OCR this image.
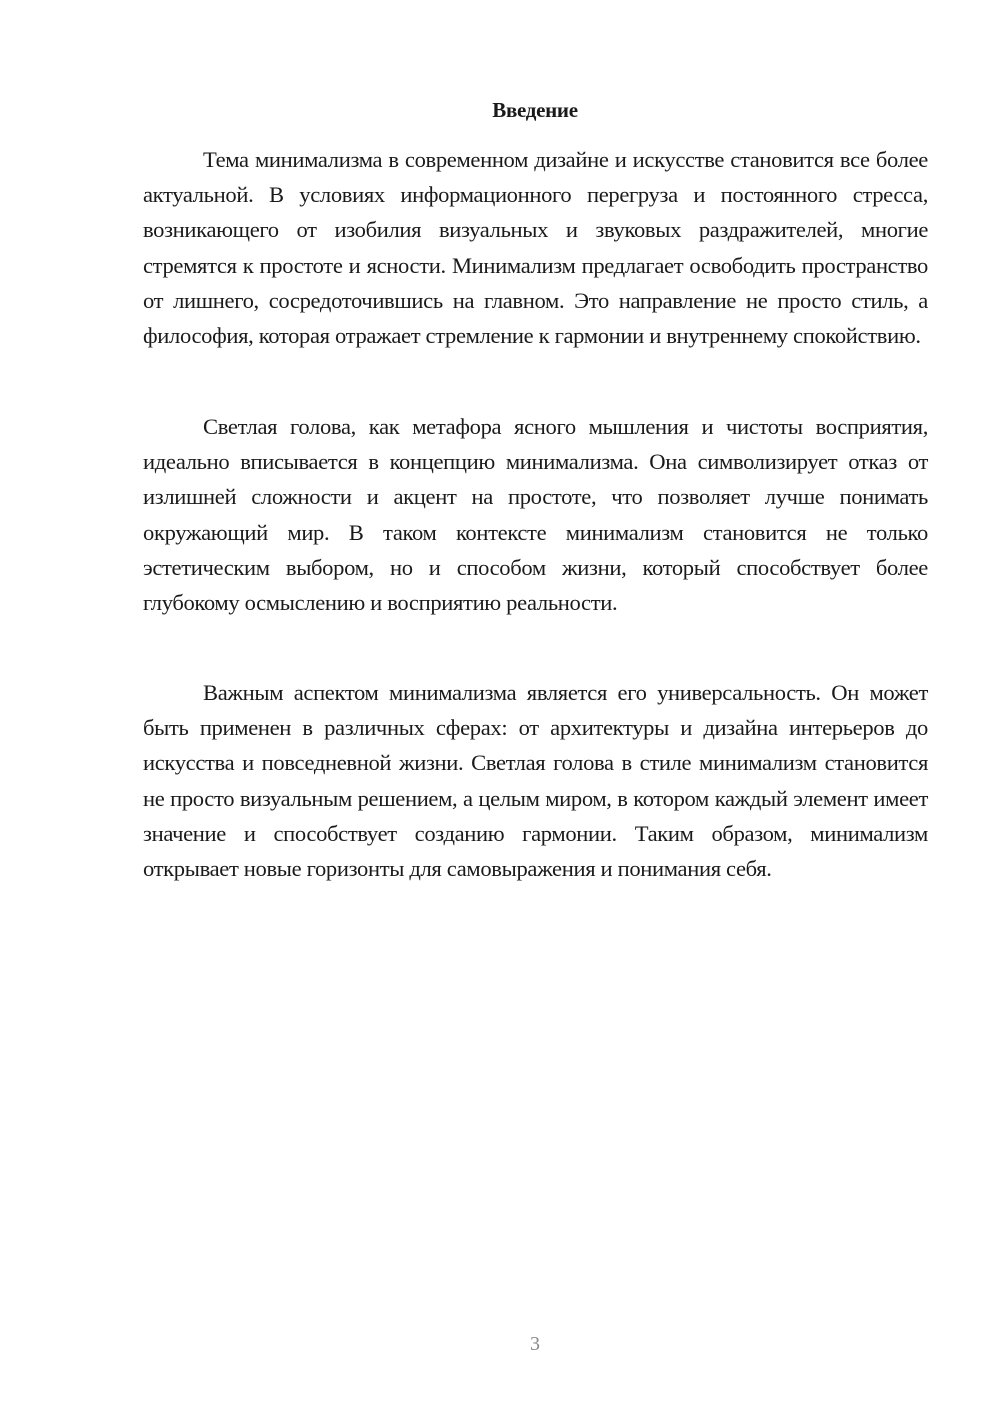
Введение

Тема минимализма в современном дизайне и искусстве становится все более актуальной. В условиях информационного перегруза и постоянного стресса, возникающего от изобилия визуальных и звуковых раздражителей, многие стремятся к простоте и ясности. Минимализм предлагает освободить пространство от лишнего, сосредоточившись на главном. Это направление не просто стиль, а философия, которая отражает стремление к гармонии и внутреннему спокойствию.

Светлая голова, как метафора ясного мышления и чистоты восприятия, идеально вписывается в концепцию минимализма. Она символизирует отказ от излишней сложности и акцент на простоте, что позволяет лучше понимать окружающий мир. В таком контексте минимализм становится не только эстетическим выбором, но и способом жизни, который способствует более глубокому осмыслению и восприятию реальности.

Важным аспектом минимализма является его универсальность. Он может быть применен в различных сферах: от архитектуры и дизайна интерьеров до искусства и повседневной жизни. Светлая голова в стиле минимализм становится не просто визуальным решением, а целым миром, в котором каждый элемент имеет значение и способствует созданию гармонии. Таким образом, минимализм открывает новые горизонты для самовыражения и понимания себя.

3
